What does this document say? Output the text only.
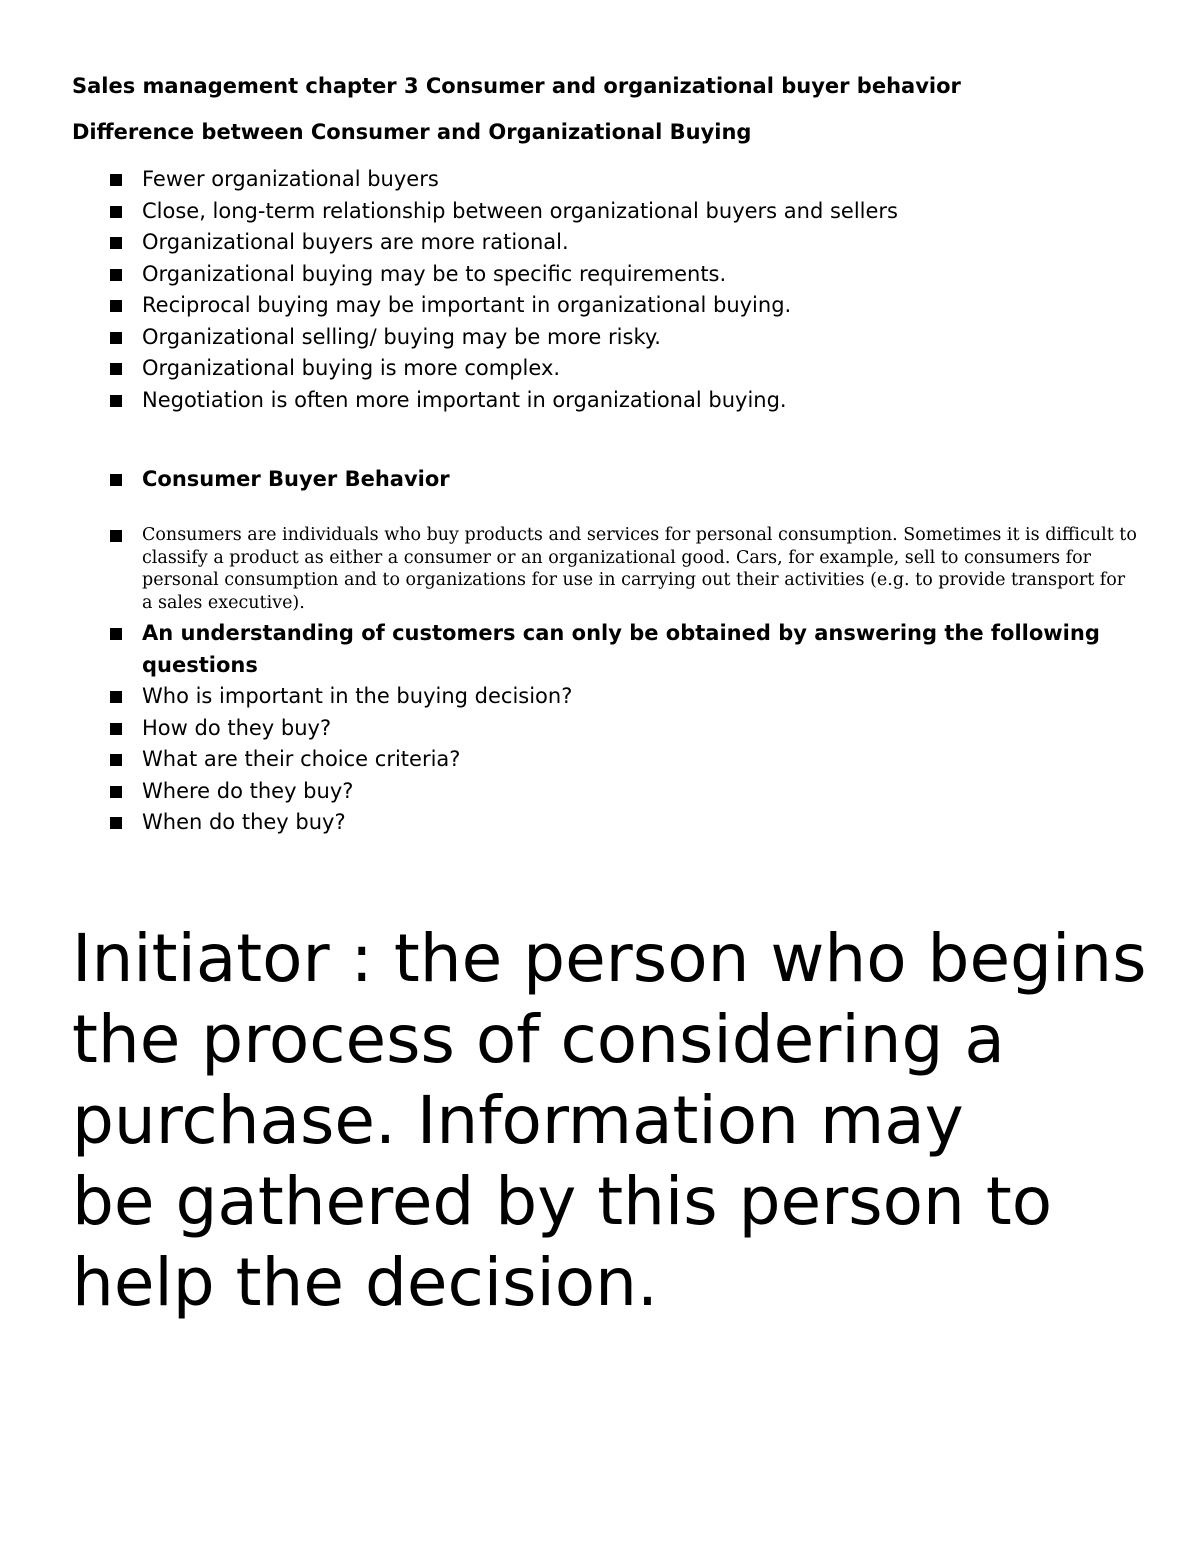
Sales management chapter 3 Consumer and organizational buyer behavior
Difference between Consumer and Organizational Buying
Fewer organizational buyers
Close, long-term relationship between organizational buyers and sellers
Organizational buyers are more rational.
Organizational buying may be to specific requirements.
Reciprocal buying may be important in organizational buying.
Organizational selling/ buying may be more risky.
Organizational buying is more complex.
Negotiation is often more important in organizational buying.
Consumer Buyer Behavior
Consumers are individuals who buy products and services for personal consumption. Sometimes it is difficult to classify a product as either a consumer or an organizational good. Cars, for example, sell to consumers for personal consumption and to organizations for use in carrying out their activities (e.g. to provide transport for a sales executive).
An understanding of customers can only be obtained by answering the following questions
Who is important in the buying decision?
How do they buy?
What are their choice criteria?
Where do they buy?
When do they buy?
Initiator : the person who begins the process of considering a purchase. Information may
be gathered by this person to help the decision.
